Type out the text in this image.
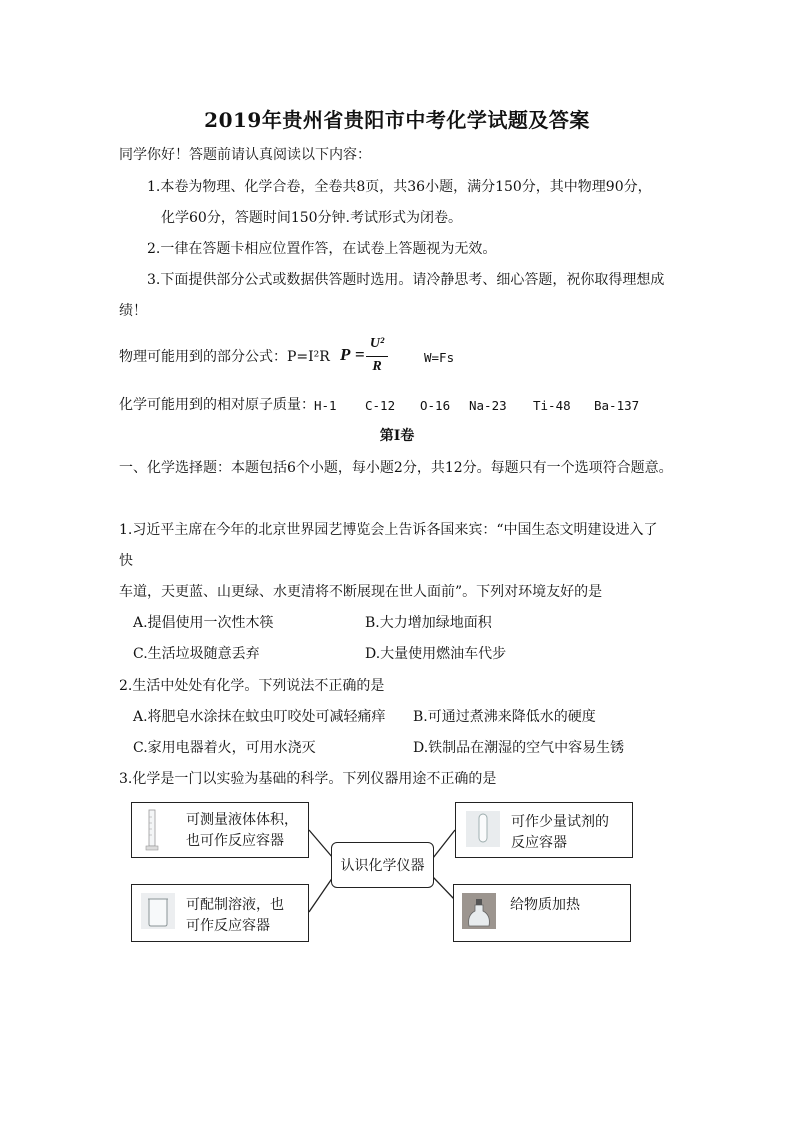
2019年贵州省贵阳市中考化学试题及答案
同学你好！答题前请认真阅读以下内容：
1.本卷为物理、化学合卷，全卷共8页，共36小题，满分150分，其中物理90分，
化学60分，答题时间150分钟.考试形式为闭卷。
2.一律在答题卡相应位置作答，在试卷上答题视为无效。
3.下面提供部分公式或数据供答题时选用。请冷静思考、细心答题，祝你取得理想成
绩！
物理可能用到的部分公式：P=I²R P =
U²
R
W=Fs
化学可能用到的相对原子质量： H-1 C-12 O-16 Na-23 Ti-48 Ba-137
第Ⅰ卷
一、化学选择题：本题包括6个小题，每小题2分，共12分。每题只有一个选项符合题意。
1.习近平主席在今年的北京世界园艺博览会上告诉各国来宾：“中国生态文明建设进入了
快
车道，天更蓝、山更绿、水更清将不断展现在世人面前”。下列对环境友好的是
A.提倡使用一次性木筷	B.大力增加绿地面积
C.生活垃圾随意丢弃	D.大量使用燃油车代步
2.生活中处处有化学。下列说法不正确的是
A.将肥皂水涂抹在蚊虫叮咬处可减轻痛痒 B.可通过煮沸来降低水的硬度
C.家用电器着火，可用水浇灭	D.铁制品在潮湿的空气中容易生锈
3.化学是一门以实验为基础的科学。下列仪器用途不正确的是
认识化学仪器
可测量液体体积，
也可作反应容器
可作少量试剂的
反应容器
可配制溶液，也
可作反应容器
给物质加热
